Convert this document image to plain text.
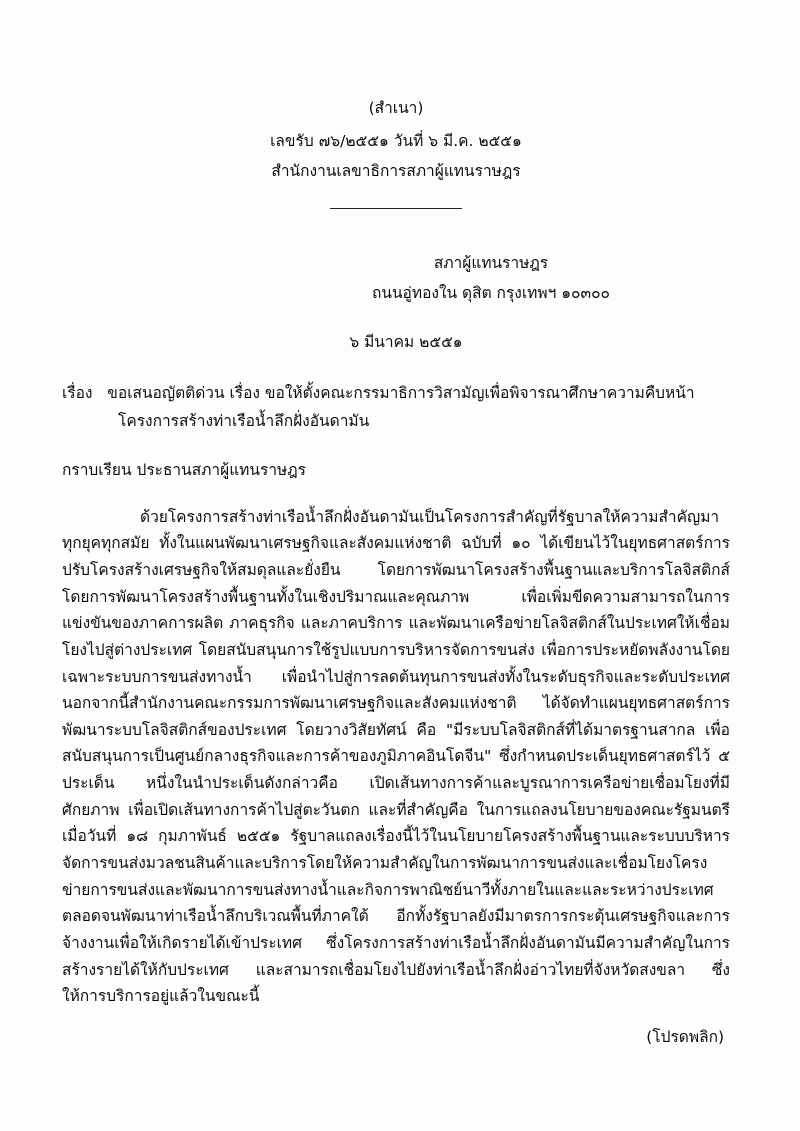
(สำเนา)
เลขรับ ๗๖/๒๕๕๑ วันที่ ๖ มี.ค. ๒๕๕๑
สำนักงานเลขาธิการสภาผู้แทนราษฎร
สภาผู้แทนราษฎร
ถนนอู่ทองใน ดุสิต กรุงเทพฯ ๑๐๓๐๐
๖ มีนาคม ๒๕๕๑
เรื่อง ขอเสนอญัตติด่วน เรื่อง ขอให้ตั้งคณะกรรมาธิการวิสามัญเพื่อพิจารณาศึกษาความคืบหน้า
โครงการสร้างท่าเรือน้ำลึกฝั่งอันดามัน
กราบเรียน ประธานสภาผู้แทนราษฎร
ด้วยโครงการสร้างท่าเรือน้ำลึกฝั่งอันดามันเป็นโครงการสำคัญที่รัฐบาลให้ความสำคัญมาทุกยุคทุกสมัย ทั้งในแผนพัฒนาเศรษฐกิจและสังคมแห่งชาติ ฉบับที่ ๑๐ ได้เขียนไว้ในยุทธศาสตร์การปรับโครงสร้างเศรษฐกิจให้สมดุลและยั่งยืน โดยการพัฒนาโครงสร้างพื้นฐานและบริการโลจิสติกส์ โดยการพัฒนาโครงสร้างพื้นฐานทั้งในเชิงปริมาณและคุณภาพ เพื่อเพิ่มขีดความสามารถในการแข่งขันของภาคการผลิต ภาคธุรกิจ และภาคบริการ และพัฒนาเครือข่ายโลจิสติกส์ในประเทศให้เชื่อมโยงไปสู่ต่างประเทศ โดยสนับสนุนการใช้รูปแบบการบริหารจัดการขนส่ง เพื่อการประหยัดพลังงานโดยเฉพาะระบบการขนส่งทางน้ำ เพื่อนำไปสู่การลดต้นทุนการขนส่งทั้งในระดับธุรกิจและระดับประเทศ นอกจากนี้สำนักงานคณะกรรมการพัฒนาเศรษฐกิจและสังคมแห่งชาติ ได้จัดทำแผนยุทธศาสตร์การพัฒนาระบบโลจิสติกส์ของประเทศ โดยวางวิสัยทัศน์ คือ "มีระบบโลจิสติกส์ที่ได้มาตรฐานสากล เพื่อสนับสนุนการเป็นศูนย์กลางธุรกิจและการค้าของภูมิภาคอินโดจีน" ซึ่งกำหนดประเด็นยุทธศาสตร์ไว้ ๕ ประเด็น หนึ่งในนำประเด็นดังกล่าวคือ เปิดเส้นทางการค้าและบูรณาการเครือข่ายเชื่อมโยงที่มีศักยภาพ เพื่อเปิดเส้นทางการค้าไปสู่ตะวันตก และที่สำคัญคือ ในการแถลงนโยบายของคณะรัฐมนตรี เมื่อวันที่ ๑๘ กุมภาพันธ์ ๒๕๕๑ รัฐบาลแถลงเรื่องนี้ไว้ในนโยบายโครงสร้างพื้นฐานและระบบบริหารจัดการขนส่งมวลชนสินค้าและบริการโดยให้ความสำคัญในการพัฒนาการขนส่งและเชื่อมโยงโครงข่ายการขนส่งและพัฒนาการขนส่งทางน้ำและกิจการพาณิชย์นาวีทั้งภายในและและระหว่างประเทศ ตลอดจนพัฒนาท่าเรือน้ำลึกบริเวณพื้นที่ภาคใต้ อีกทั้งรัฐบาลยังมีมาตรการกระตุ้นเศรษฐกิจและการจ้างงานเพื่อให้เกิดรายได้เข้าประเทศ ซึ่งโครงการสร้างท่าเรือน้ำลึกฝั่งอันดามันมีความสำคัญในการสร้างรายได้ให้กับประเทศ และสามารถเชื่อมโยงไปยังท่าเรือน้ำลึกฝั่งอ่าวไทยที่จังหวัดสงขลา ซึ่งให้การบริการอยู่แล้วในขณะนี้
(โปรดพลิก)
